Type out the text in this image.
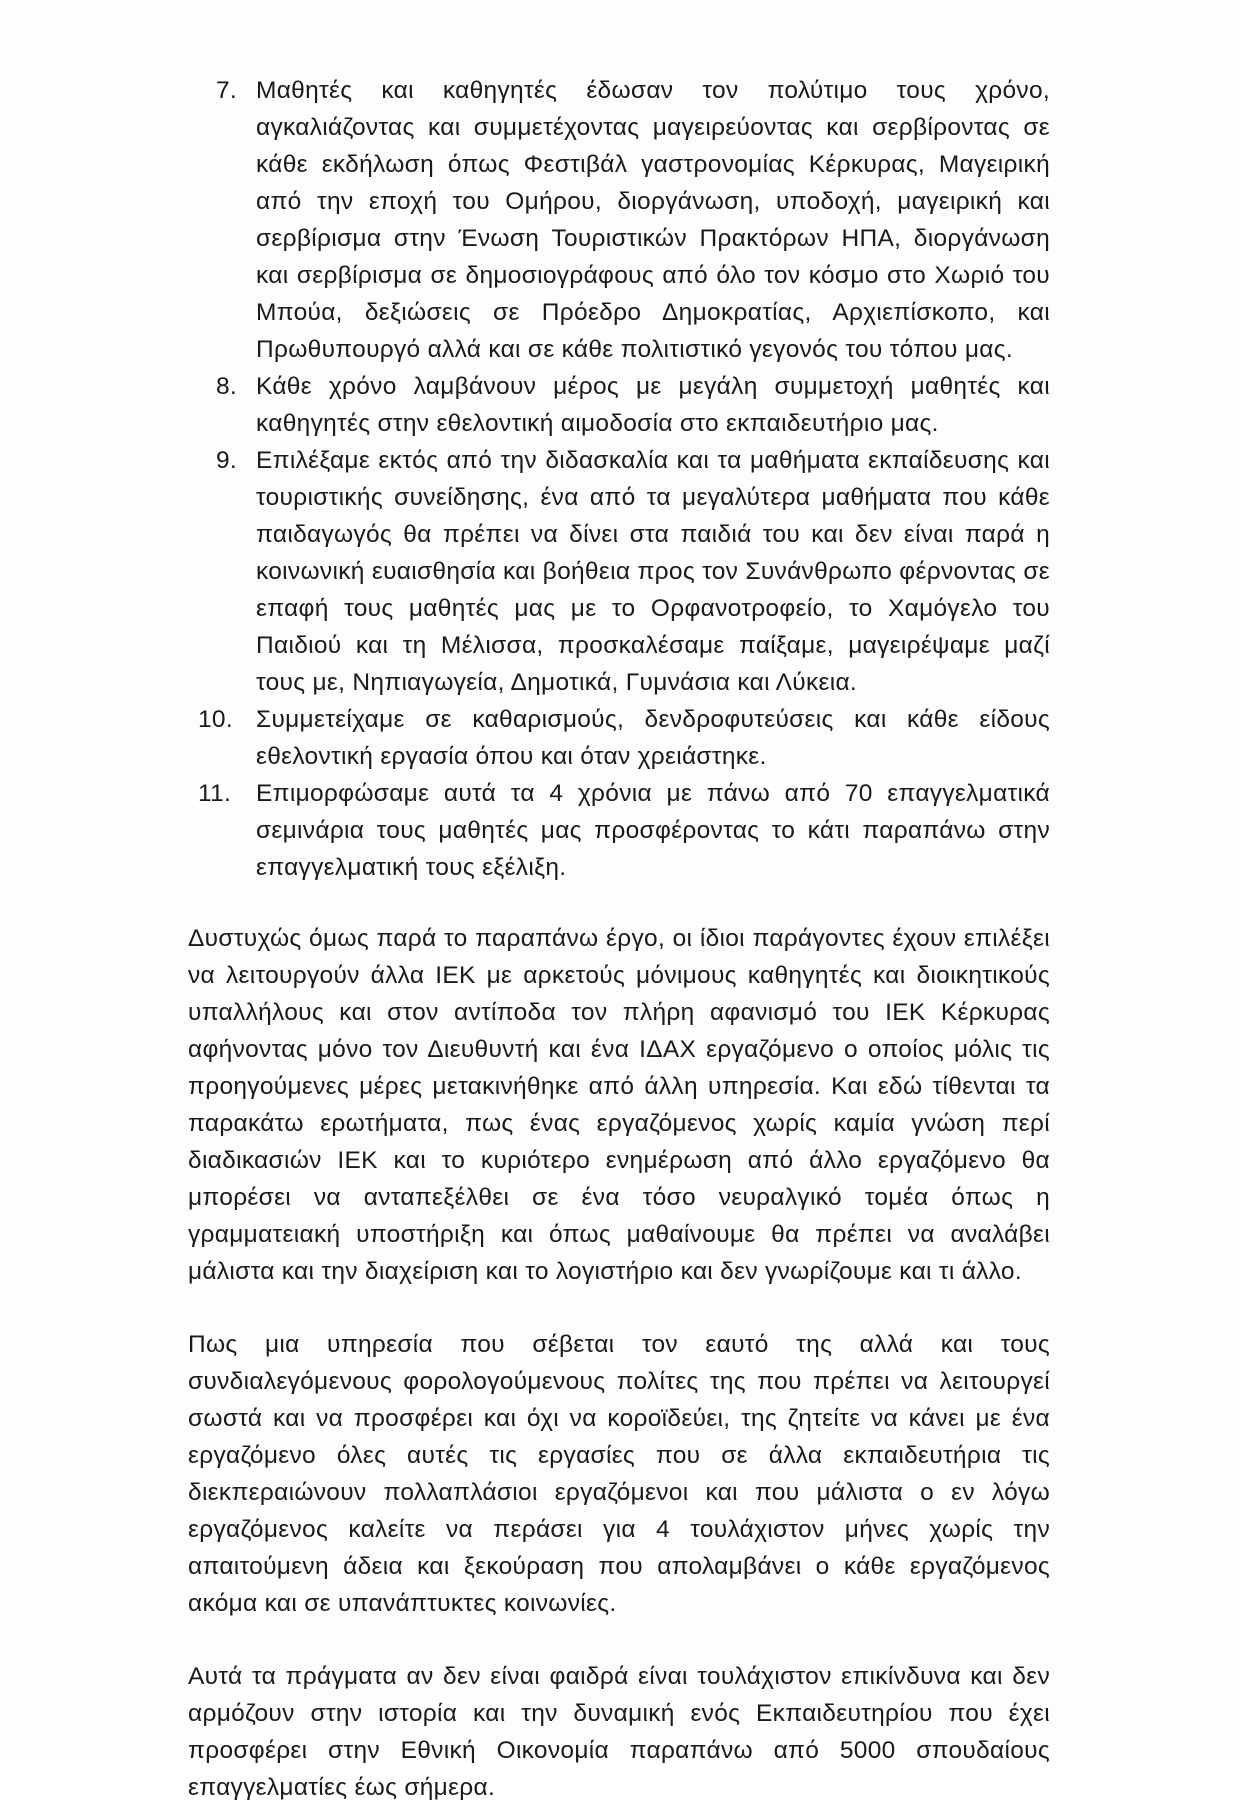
7. Μαθητές και καθηγητές έδωσαν τον πολύτιμο τους χρόνο, αγκαλιάζοντας και συμμετέχοντας μαγειρεύοντας και σερβίροντας σε κάθε εκδήλωση όπως Φεστιβάλ γαστρονομίας Κέρκυρας, Μαγειρική από την εποχή του Ομήρου, διοργάνωση, υποδοχή, μαγειρική και σερβίρισμα στην Ένωση Τουριστικών Πρακτόρων ΗΠΑ, διοργάνωση και σερβίρισμα σε δημοσιογράφους από όλο τον κόσμο στο Χωριό του Μπούα, δεξιώσεις σε Πρόεδρο Δημοκρατίας, Αρχιεπίσκοπο, και Πρωθυπουργό αλλά και σε κάθε πολιτιστικό γεγονός του τόπου μας.
8. Κάθε χρόνο λαμβάνουν μέρος με μεγάλη συμμετοχή μαθητές και καθηγητές στην εθελοντική αιμοδοσία στο εκπαιδευτήριο μας.
9. Επιλέξαμε εκτός από την διδασκαλία και τα μαθήματα εκπαίδευσης και τουριστικής συνείδησης, ένα από τα μεγαλύτερα μαθήματα που κάθε παιδαγωγός θα πρέπει να δίνει στα παιδιά του και δεν είναι παρά η κοινωνική ευαισθησία και βοήθεια προς τον Συνάνθρωπο φέρνοντας σε επαφή τους μαθητές μας με το Ορφανοτροφείο, το Χαμόγελο του Παιδιού και τη Μέλισσα, προσκαλέσαμε παίξαμε, μαγειρέψαμε μαζί τους με, Νηπιαγωγεία, Δημοτικά, Γυμνάσια και Λύκεια.
10. Συμμετείχαμε σε καθαρισμούς, δενδροφυτεύσεις και κάθε είδους εθελοντική εργασία όπου και όταν χρειάστηκε.
11. Επιμορφώσαμε αυτά τα 4 χρόνια με πάνω από 70 επαγγελματικά σεμινάρια τους μαθητές μας προσφέροντας το κάτι παραπάνω στην επαγγελματική τους εξέλιξη.

Δυστυχώς όμως παρά το παραπάνω έργο, οι ίδιοι παράγοντες έχουν επιλέξει να λειτουργούν άλλα ΙΕΚ με αρκετούς μόνιμους καθηγητές και διοικητικούς υπαλλήλους και στον αντίποδα τον πλήρη αφανισμό του ΙΕΚ Κέρκυρας αφήνοντας μόνο τον Διευθυντή και ένα ΙΔΑΧ εργαζόμενο ο οποίος μόλις τις προηγούμενες μέρες μετακινήθηκε από άλλη υπηρεσία. Και εδώ τίθενται τα παρακάτω ερωτήματα, πως ένας εργαζόμενος χωρίς καμία γνώση περί διαδικασιών ΙΕΚ και το κυριότερο ενημέρωση από άλλο εργαζόμενο θα μπορέσει να ανταπεξέλθει σε ένα τόσο νευραλγικό τομέα όπως η γραμματειακή υποστήριξη και όπως μαθαίνουμε θα πρέπει να αναλάβει μάλιστα και την διαχείριση και το λογιστήριο και δεν γνωρίζουμε και τι άλλο.

Πως μια υπηρεσία που σέβεται τον εαυτό της αλλά και τους συνδιαλεγόμενους φορολογούμενους πολίτες της που πρέπει να λειτουργεί σωστά και να προσφέρει και όχι να κοροϊδεύει, της ζητείτε να κάνει με ένα εργαζόμενο όλες αυτές τις εργασίες που σε άλλα εκπαιδευτήρια τις διεκπεραιώνουν πολλαπλάσιοι εργαζόμενοι και που μάλιστα ο εν λόγω εργαζόμενος καλείτε να περάσει για 4 τουλάχιστον μήνες χωρίς την απαιτούμενη άδεια και ξεκούραση που απολαμβάνει ο κάθε εργαζόμενος ακόμα και σε υπανάπτυκτες κοινωνίες.

Αυτά τα πράγματα αν δεν είναι φαιδρά είναι τουλάχιστον επικίνδυνα και δεν αρμόζουν στην ιστορία και την δυναμική ενός Εκπαιδευτηρίου που έχει προσφέρει στην Εθνική Οικονομία παραπάνω από 5000 σπουδαίους επαγγελματίες έως σήμερα.
